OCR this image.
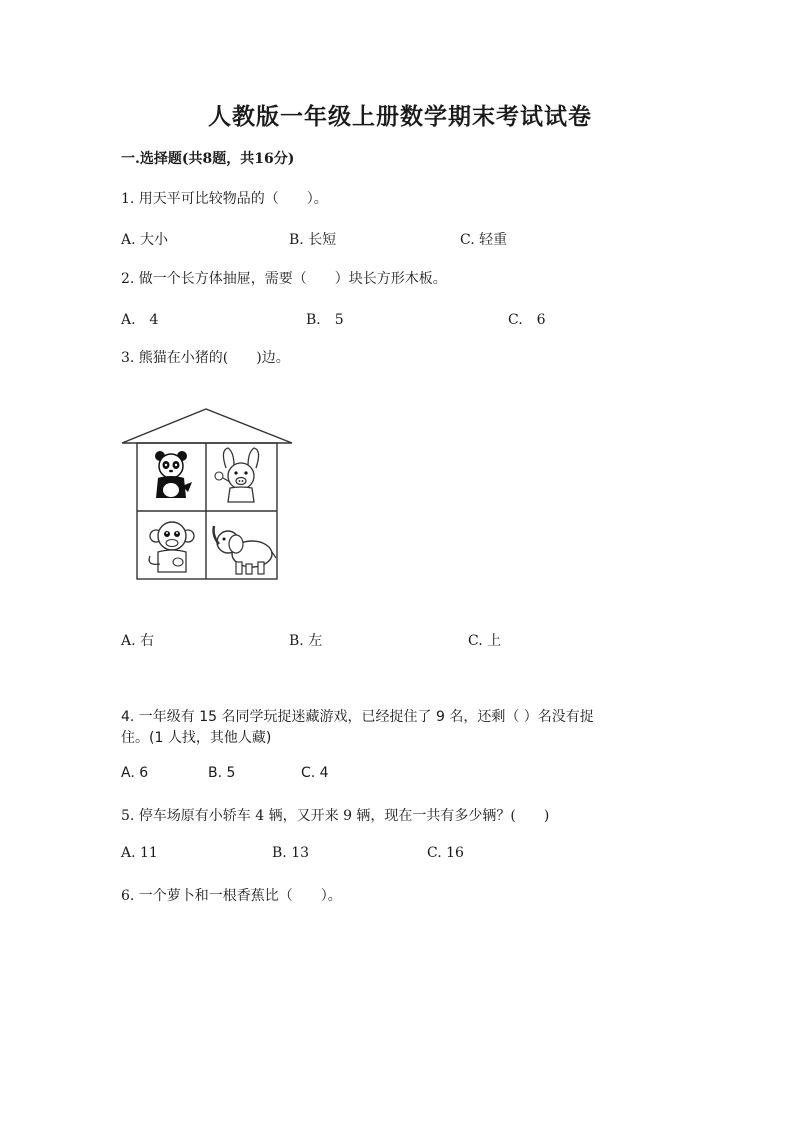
人教版一年级上册数学期末考试试卷
一.选择题(共8题，共16分)
1. 用天平可比较物品的（　　）。
A. 大小	B. 长短	C. 轻重
2. 做一个长方体抽屉，需要（　　）块长方形木板。
A.　4	B.　5	C.　6
3. 熊猫在小猪的(　　)边。
A. 右	B. 左	C. 上
4. 一年级有 15 名同学玩捉迷藏游戏，已经捉住了 9 名，还剩（ ）名没有捉
住。(1 人找，其他人藏)
A. 6	B. 5	C. 4
5. 停车场原有小轿车 4 辆，又开来 9 辆，现在一共有多少辆？(　　)
A. 11	B. 13	C. 16
6. 一个萝卜和一根香蕉比（　　）。
